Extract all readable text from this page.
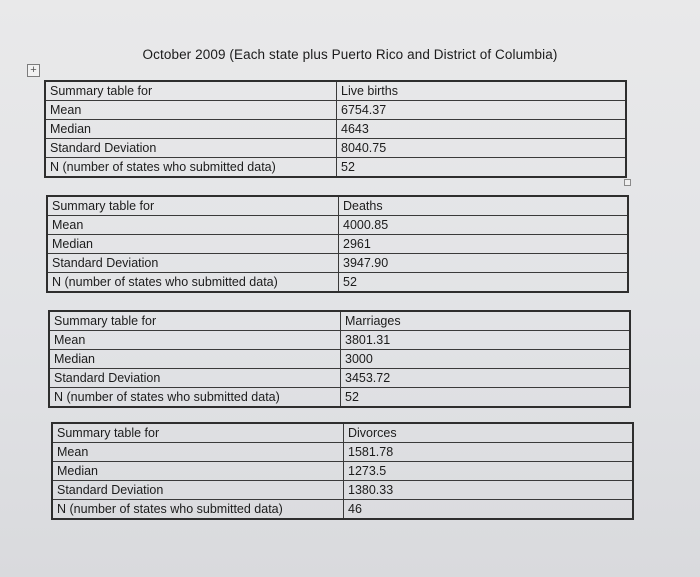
October 2009 (Each state plus Puerto Rico and District of Columbia)
+
Summary table for	Live births
Mean	6754.37
Median	4643
Standard Deviation	8040.75
N (number of states who submitted data)	52
Summary table for	Deaths
Mean	4000.85
Median	2961
Standard Deviation	3947.90
N (number of states who submitted data)	52
Summary table for	Marriages
Mean	3801.31
Median	3000
Standard Deviation	3453.72
N (number of states who submitted data)	52
Summary table for	Divorces
Mean	1581.78
Median	1273.5
Standard Deviation	1380.33
N (number of states who submitted data)	46
